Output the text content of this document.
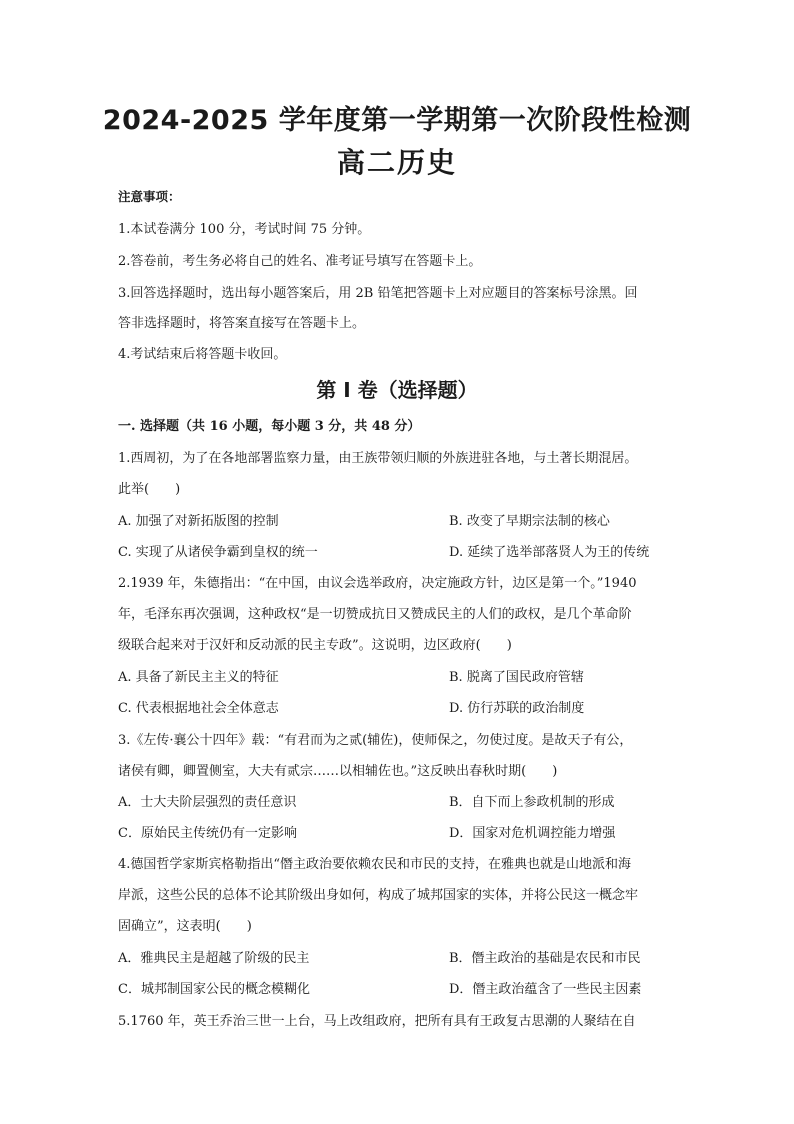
2024-2025 学年度第一学期第一次阶段性检测
高二历史
注意事项：
1.本试卷满分 100 分，考试时间 75 分钟。
2.答卷前，考生务必将自己的姓名、准考证号填写在答题卡上。
3.回答选择题时，选出每小题答案后，用 2B 铅笔把答题卡上对应题目的答案标号涂黑。回
答非选择题时，将答案直接写在答题卡上。
4.考试结束后将答题卡收回。
第 I 卷（选择题）
一. 选择题（共 16 小题，每小题 3 分，共 48 分）
1.西周初，为了在各地部署监察力量，由王族带领归顺的外族进驻各地，与土著长期混居。
此举(　　)
A. 加强了对新拓版图的控制	B. 改变了早期宗法制的核心
C. 实现了从诸侯争霸到皇权的统一	D. 延续了选举部落贤人为王的传统
2.1939 年，朱德指出：“在中国，由议会选举政府，决定施政方针，边区是第一个。”1940
年，毛泽东再次强调，这种政权“是一切赞成抗日又赞成民主的人们的政权，是几个革命阶
级联合起来对于汉奸和反动派的民主专政”。这说明，边区政府(　　)
A. 具备了新民主主义的特征	B. 脱离了国民政府管辖
C. 代表根据地社会全体意志	D. 仿行苏联的政治制度
3.《左传·襄公十四年》载：“有君而为之贰(辅佐)，使师保之，勿使过度。是故天子有公，
诸侯有卿，卿置侧室，大夫有贰宗……以相辅佐也。”这反映出春秋时期(　　)
A．士大夫阶层强烈的责任意识	B．自下而上参政机制的形成
C．原始民主传统仍有一定影响	D．国家对危机调控能力增强
4.德国哲学家斯宾格勒指出“僭主政治要依赖农民和市民的支持，在雅典也就是山地派和海
岸派，这些公民的总体不论其阶级出身如何，构成了城邦国家的实体，并将公民这一概念牢
固确立”，这表明(　　)
A．雅典民主是超越了阶级的民主	B．僭主政治的基础是农民和市民
C．城邦制国家公民的概念模糊化	D．僭主政治蕴含了一些民主因素
5.1760 年，英王乔治三世一上台，马上改组政府，把所有具有王政复古思潮的人聚结在自
